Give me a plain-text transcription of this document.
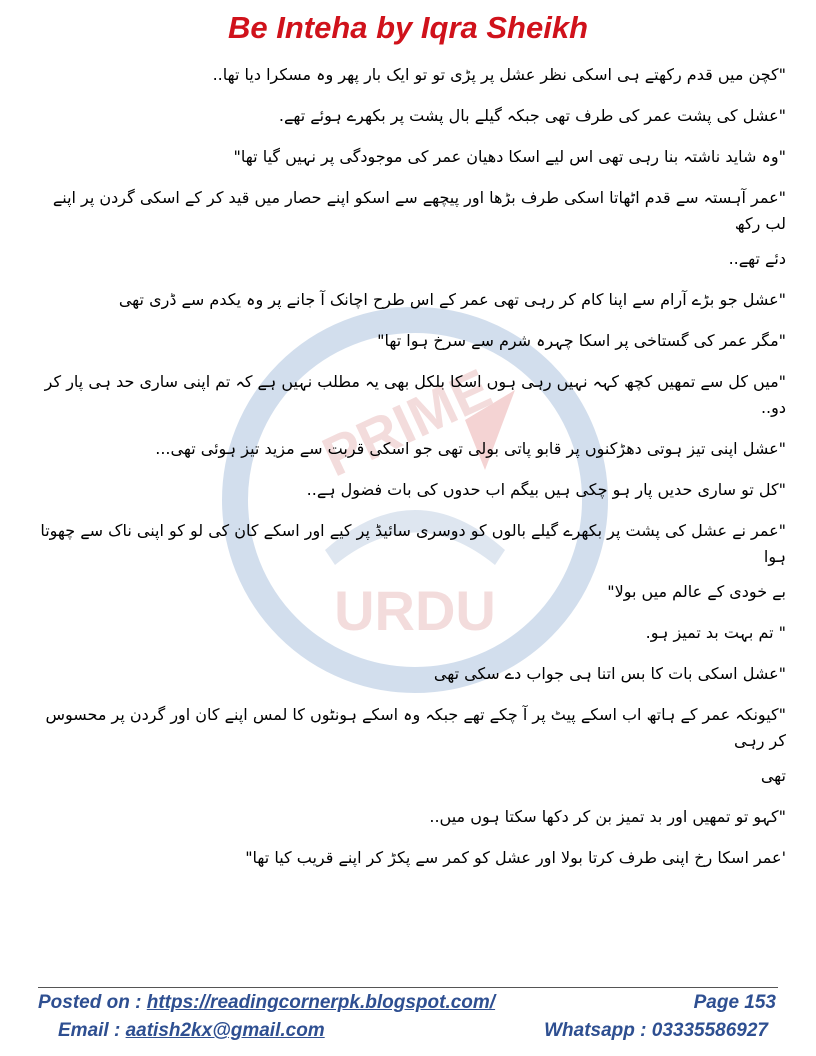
Be Inteha by Iqra Sheikh
PRIME
URDU
"کچن میں قدم رکھتے ہی اسکی نظر عشل پر پڑی تو تو ایک بار پھر وہ مسکرا دیا تھا..
"عشل کی پشت عمر کی طرف تھی جبکہ گیلے بال پشت پر بکھرے ہوئے تھے.
"وہ شاید ناشتہ بنا رہی تھی اس لیے اسکا دھیان عمر کی موجودگی پر نہیں گیا تھا"
"عمر آہستہ سے قدم اٹھاتا اسکی طرف بڑھا اور پیچھے سے اسکو اپنے حصار میں قید کر کے اسکی گردن پر اپنے لب رکھ
دئے تھے..
"عشل جو بڑے آرام سے اپنا کام کر رہی تھی عمر کے اس طرح اچانک آ جانے پر وہ یکدم سے ڈری تھی
"مگر عمر کی گستاخی پر اسکا چہرہ شرم سے سرخ ہوا تھا"
"میں کل سے تمھیں کچھ کہہ نہیں رہی ہوں اسکا بلکل بھی یہ مطلب نہیں ہے کہ تم اپنی ساری حد ہی پار کر دو..
"عشل اپنی تیز ہوتی دھڑکنوں پر قابو پاتی بولی تھی جو اسکی قربت سے مزید تیز ہوئی تھی...
"کل تو ساری حدیں پار ہو چکی ہیں بیگم اب حدوں کی بات فضول ہے..
"عمر نے عشل کی پشت پر بکھرے گیلے بالوں کو دوسری سائیڈ پر کیے اور اسکے کان کی لو کو اپنی ناک سے چھوتا ہوا
بے خودی کے عالم میں بولا"
" تم بہت بد تمیز ہو.
"عشل اسکی بات کا بس اتنا ہی جواب دے سکی تھی
"کیونکہ عمر کے ہاتھ اب اسکے پیٹ پر آ چکے تھے جبکہ وہ اسکے ہونٹوں کا لمس اپنے کان اور گردن پر محسوس کر رہی
تھی
"کہو تو تمھیں اور بد تمیز بن کر دکھا سکتا ہوں میں..
'عمر اسکا رخ اپنی طرف کرتا بولا اور عشل کو کمر سے پکڑ کر اپنے قریب کیا تھا"
Posted on : https://readingcornerpk.blogspot.com/	Page 153
Email : aatish2kx@gmail.com	Whatsapp : 03335586927
